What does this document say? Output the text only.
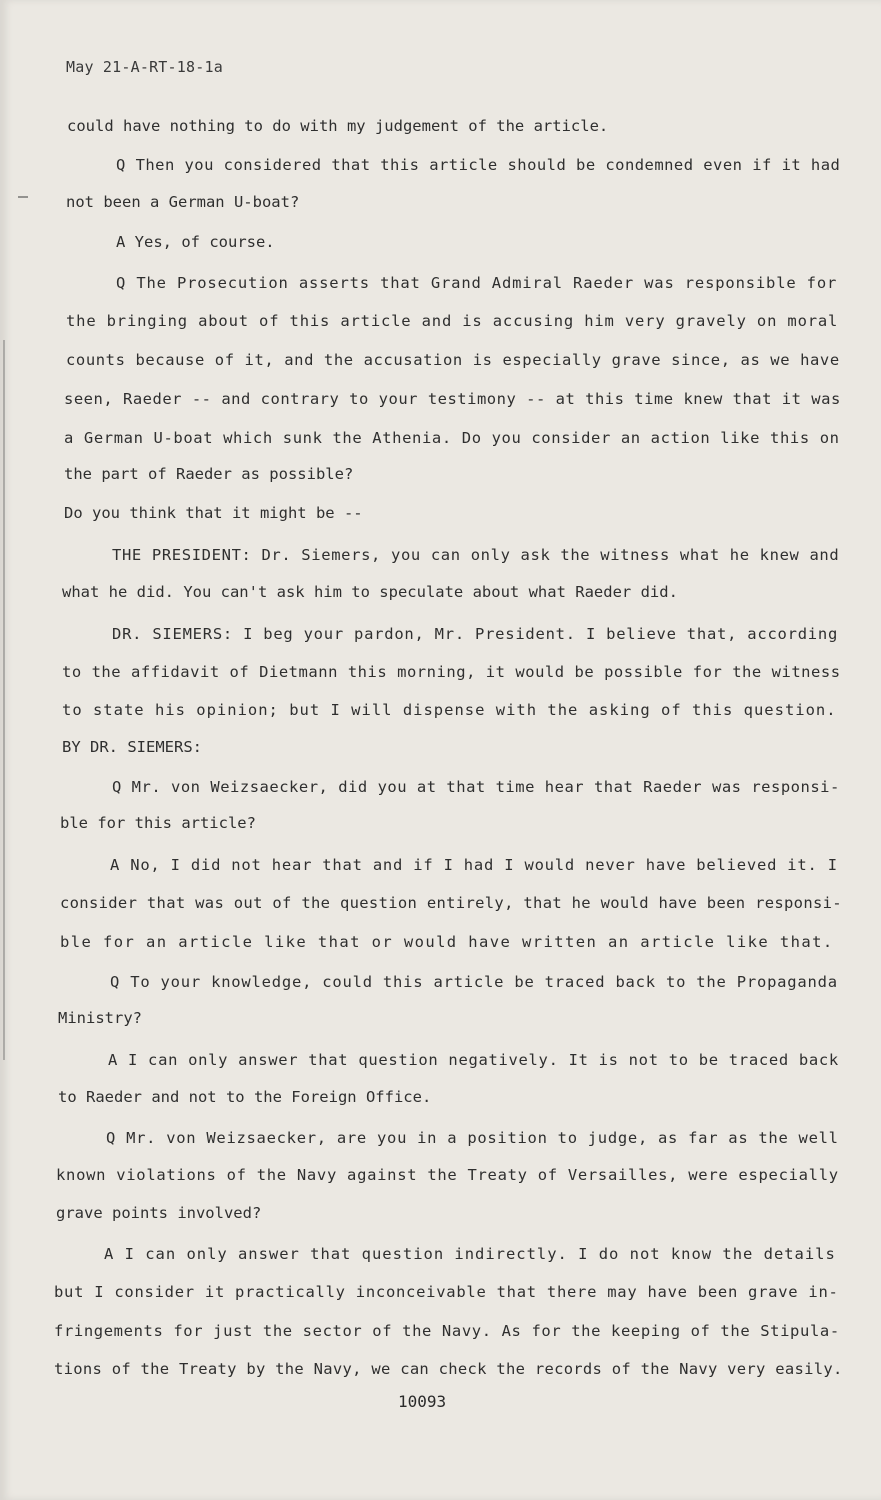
May 21-A-RT-18-1a
could have nothing to do with my judgement of the article.
Q Then you considered that this article should be condemned even if it had
not been a German U-boat?
A Yes, of course.
Q The Prosecution asserts that Grand Admiral Raeder was responsible for
the bringing about of this article and is accusing him very gravely on moral
counts because of it, and the accusation is especially grave since, as we have
seen, Raeder -- and contrary to your testimony -- at this time knew that it was
a German U-boat which sunk the Athenia. Do you consider an action like this on
the part of Raeder as possible?
Do you think that it might be --
THE PRESIDENT: Dr. Siemers, you can only ask the witness what he knew and
what he did. You can't ask him to speculate about what Raeder did.
DR. SIEMERS: I beg your pardon, Mr. President. I believe that, according
to the affidavit of Dietmann this morning, it would be possible for the witness
to state his opinion; but I will dispense with the asking of this question.
BY DR. SIEMERS:
Q Mr. von Weizsaecker, did you at that time hear that Raeder was responsi-
ble for this article?
A No, I did not hear that and if I had I would never have believed it. I
consider that was out of the question entirely, that he would have been responsi-
ble for an article like that or would have written an article like that.
Q To your knowledge, could this article be traced back to the Propaganda
Ministry?
A I can only answer that question negatively. It is not to be traced back
to Raeder and not to the Foreign Office.
Q Mr. von Weizsaecker, are you in a position to judge, as far as the well
known violations of the Navy against the Treaty of Versailles, were especially
grave points involved?
A I can only answer that question indirectly. I do not know the details
but I consider it practically inconceivable that there may have been grave in-
fringements for just the sector of the Navy. As for the keeping of the Stipula-
tions of the Treaty by the Navy, we can check the records of the Navy very easily.
10093
